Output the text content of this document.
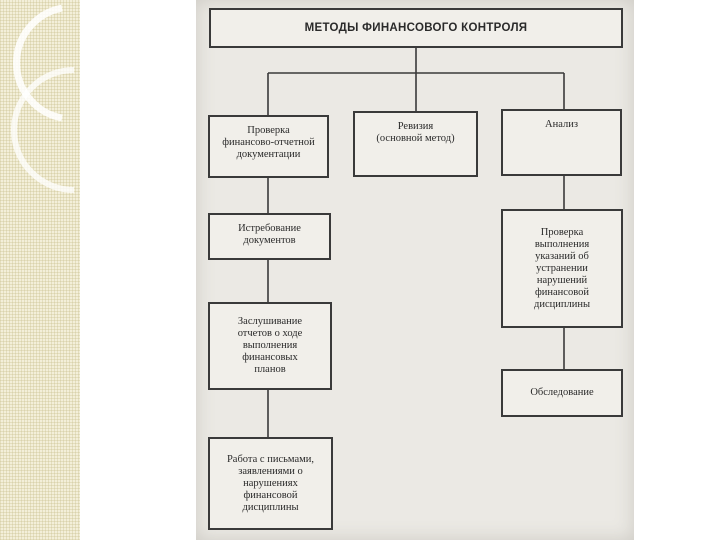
МЕТОДЫ ФИНАНСОВОГО КОНТРОЛЯ
Проверка
финансово-отчетной
документации
Ревизия
(основной метод)
Анализ
Истребование
документов
Заслушивание
отчетов о ходе
выполнения
финансовых
планов
Работа с письмами,
заявлениями о
нарушениях
финансовой
дисциплины
Проверка
выполнения
указаний об
устранении
нарушений
финансовой
дисциплины
Обследование
